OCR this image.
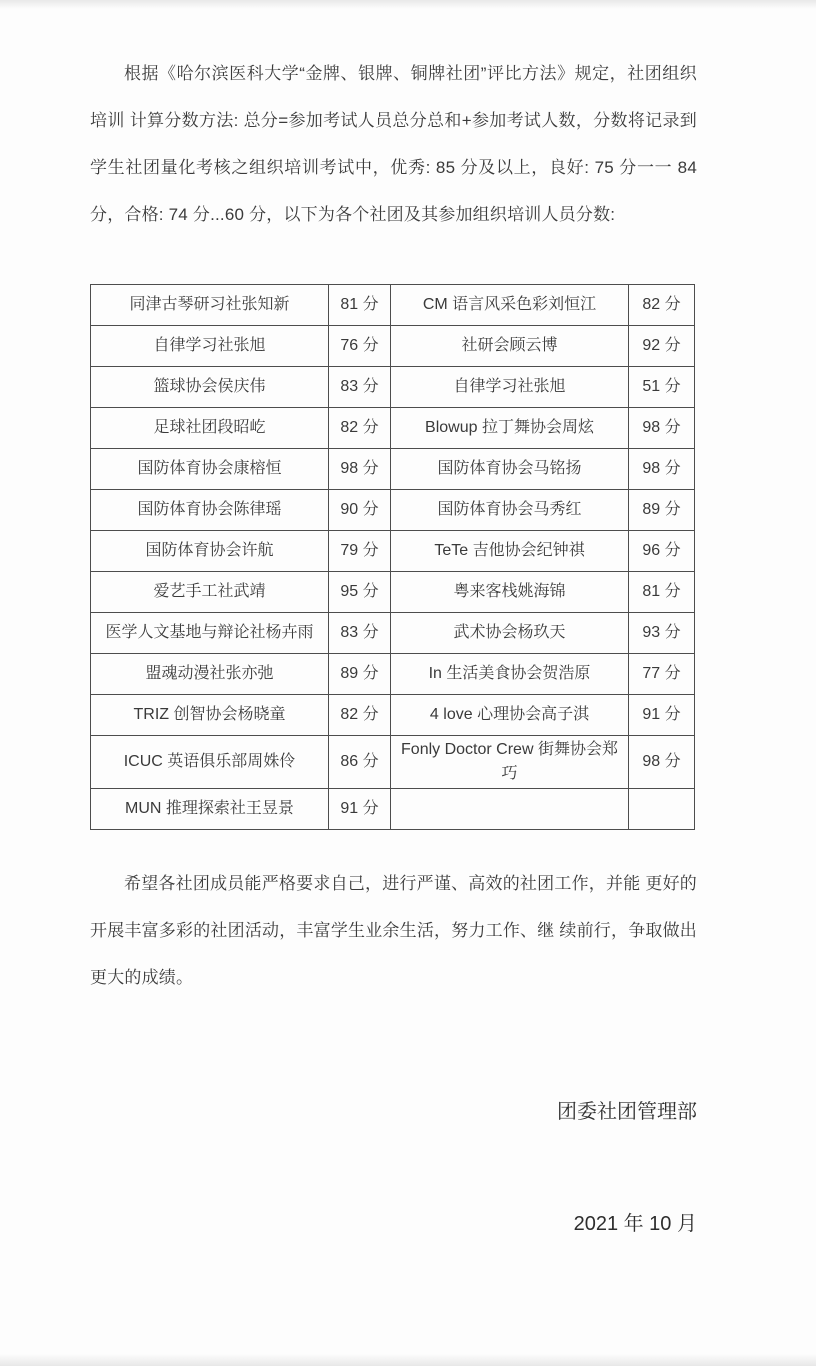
根据《哈尔滨医科大学“金牌、银牌、铜牌社团”评比方法》规定，社团组织培训 计算分数方法: 总分=参加考试人员总分总和+参加考试人数，分数将记录到学生社团量化考核之组织培训考试中，优秀: 85 分及以上，良好: 75 分一一 84 分，合格: 74 分...60 分，以下为各个社团及其参加组织培训人员分数:

同津古琴研习社张知新	81 分	CM 语言风采色彩刘恒江	82 分
自律学习社张旭	76 分	社研会顾云博	92 分
篮球协会侯庆伟	83 分	自律学习社张旭	51 分
足球社团段昭屹	82 分	Blowup 拉丁舞协会周炫	98 分
国防体育协会康榕恒	98 分	国防体育协会马铭扬	98 分
国防体育协会陈律瑶	90 分	国防体育协会马秀红	89 分
国防体育协会许航	79 分	TeTe 吉他协会纪钟祺	96 分
爱艺手工社武靖	95 分	粤来客栈姚海锦	81 分
医学人文基地与辩论社杨卉雨	83 分	武术协会杨玖天	93 分
盟魂动漫社张亦弛	89 分	In 生活美食协会贺浩原	77 分
TRIZ 创智协会杨晓童	82 分	4 love 心理协会高子淇	91 分
ICUC 英语俱乐部周姝伶	86 分	Fonly Doctor Crew 街舞协会郑巧	98 分
MUN 推理探索社王昱景	91 分		

希望各社团成员能严格要求自己，进行严谨、高效的社团工作，并能 更好的开展丰富多彩的社团活动，丰富学生业余生活，努力工作、继 续前行，争取做出更大的成绩。

团委社团管理部
2021 年 10 月
